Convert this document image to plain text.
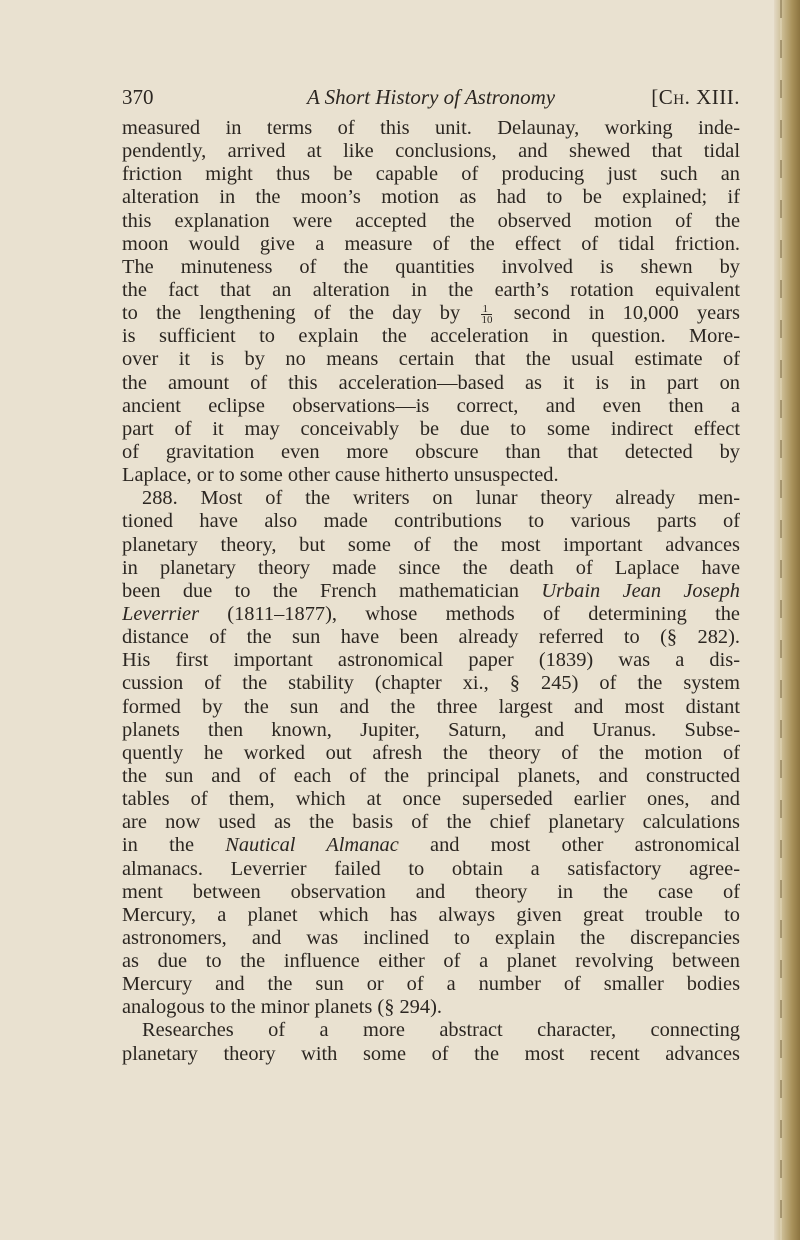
370	A Short History of Astronomy	[Ch. XIII.
measured in terms of this unit. Delaunay, working inde-
pendently, arrived at like conclusions, and shewed that tidal
friction might thus be capable of producing just such an
alteration in the moon’s motion as had to be explained; if
this explanation were accepted the observed motion of the
moon would give a measure of the effect of tidal friction.
The minuteness of the quantities involved is shewn by
the fact that an alteration in the earth’s rotation equivalent
to the lengthening of the day by $\frac{1}{10}$ second in 10,000 years
is sufficient to explain the acceleration in question. More-
over it is by no means certain that the usual estimate of
the amount of this acceleration—based as it is in part on
ancient eclipse observations—is correct, and even then a
part of it may conceivably be due to some indirect effect
of gravitation even more obscure than that detected by
Laplace, or to some other cause hitherto unsuspected.
288. Most of the writers on lunar theory already men-
tioned have also made contributions to various parts of
planetary theory, but some of the most important advances
in planetary theory made since the death of Laplace have
been due to the French mathematician Urbain Jean Joseph
Leverrier (1811–1877), whose methods of determining the
distance of the sun have been already referred to (§ 282).
His first important astronomical paper (1839) was a dis-
cussion of the stability (chapter xi., § 245) of the system
formed by the sun and the three largest and most distant
planets then known, Jupiter, Saturn, and Uranus. Subse-
quently he worked out afresh the theory of the motion of
the sun and of each of the principal planets, and constructed
tables of them, which at once superseded earlier ones, and
are now used as the basis of the chief planetary calculations
in the Nautical Almanac and most other astronomical
almanacs. Leverrier failed to obtain a satisfactory agree-
ment between observation and theory in the case of
Mercury, a planet which has always given great trouble to
astronomers, and was inclined to explain the discrepancies
as due to the influence either of a planet revolving between
Mercury and the sun or of a number of smaller bodies
analogous to the minor planets (§ 294).
Researches of a more abstract character, connecting
planetary theory with some of the most recent advances
